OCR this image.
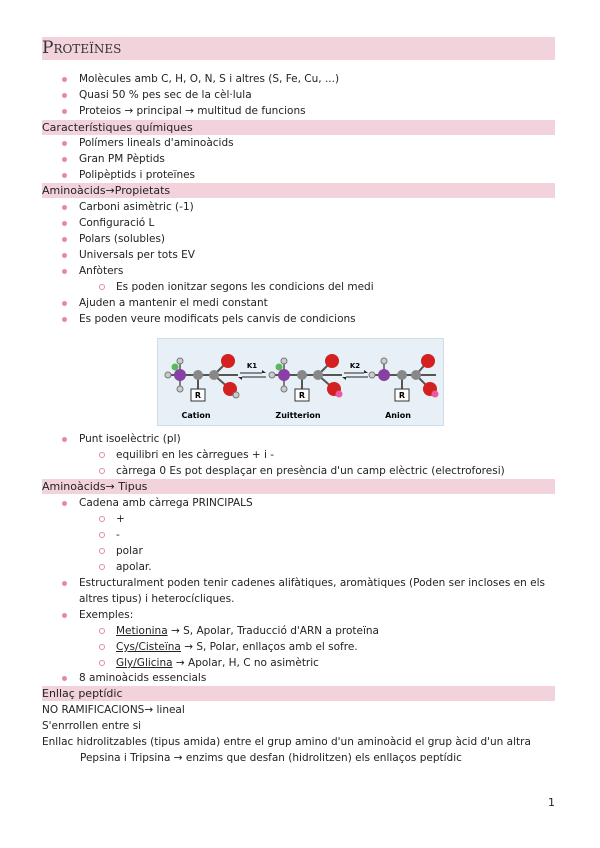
Proteïnes
Molècules amb C, H, O, N, S i altres (S, Fe, Cu, ...)
Quasi 50 % pes sec de la cèl·lula
Proteios → principal → multitud de funcions
Característiques químiques
Polímers lineals d'aminoàcids
Gran PM Pèptids
Polipèptids i proteïnes
Aminoàcids→Propietats
Carboni asimètric (-1)
Configuració L
Polars (solubles)
Universals per tots EV
Anfòters
Es poden ionitzar segons les condicions del medi
Ajuden a mantenir el medi constant
Es poden veure modificats pels canvis de condicions
R
K1
R
K2
R
Cation	Zuitterion	Anion
Punt isoelèctric (pI)
equilibri en les càrregues + i -
càrrega 0 Es pot desplaçar en presència d'un camp elèctric (electroforesi)
Aminoàcids→ Tipus
Cadena amb càrrega PRINCIPALS
+
-
polar
apolar.
Estructuralment poden tenir cadenes alifàtiques, aromàtiques (Poden ser incloses en els
altres tipus) i heterocícliques.
Exemples:
Metionina → S, Apolar, Traducció d'ARN a proteïna
Cys/Cisteïna → S, Polar, enllaços amb el sofre.
Gly/Glicina → Apolar, H, C no asimètric
8 aminoàcids essencials
Enllaç peptídic
NO RAMIFICACIONS→ lineal
S'enrrollen entre si
Enllac hidrolitzables (tipus amida) entre el grup amino d'un aminoàcid el grup àcid d'un altra
Pepsina i Tripsina → enzims que desfan (hidrolitzen) els enllaços peptídic
1
